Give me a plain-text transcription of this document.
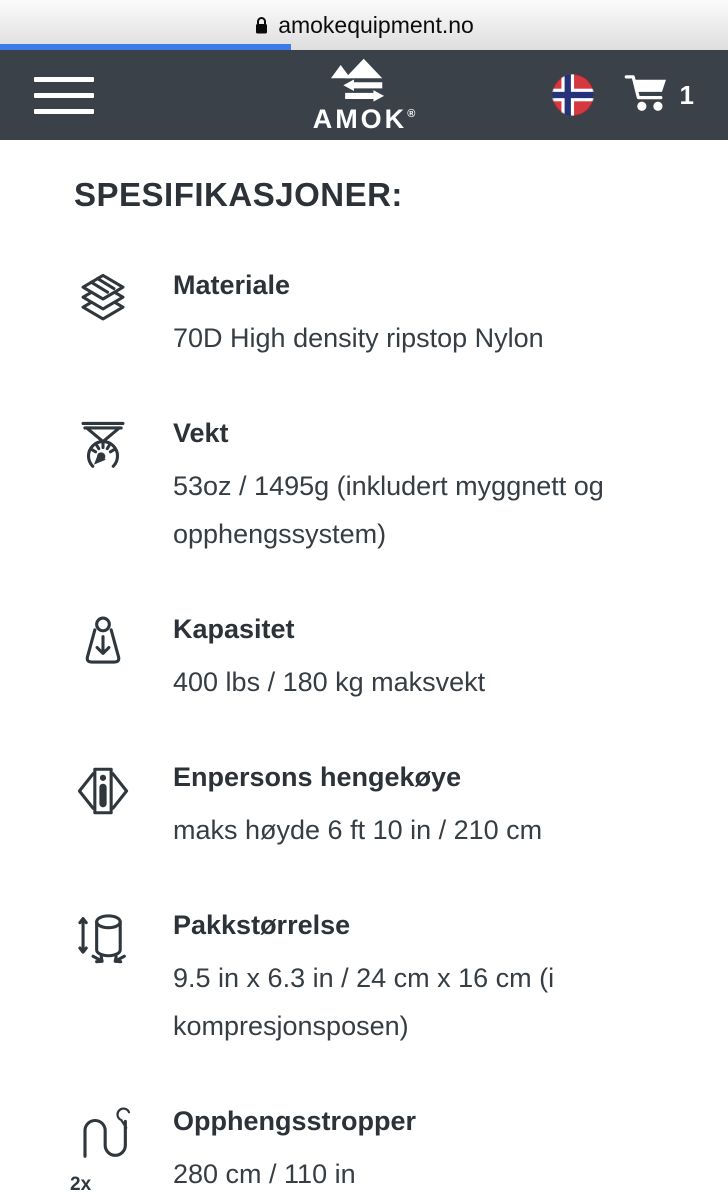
amokequipment.no
AMOK®
1
SPESIFIKASJONER:
Materiale
70D High density ripstop Nylon
Vekt
53oz / 1495g (inkludert myggnett og opphengssystem)
Kapasitet
400 lbs / 180 kg maksvekt
Enpersons hengekøye
maks høyde 6 ft 10 in / 210 cm
Pakkstørrelse
9.5 in x 6.3 in / 24 cm x 16 cm (i kompresjonsposen)
2x
Opphengsstropper
280 cm / 110 in
